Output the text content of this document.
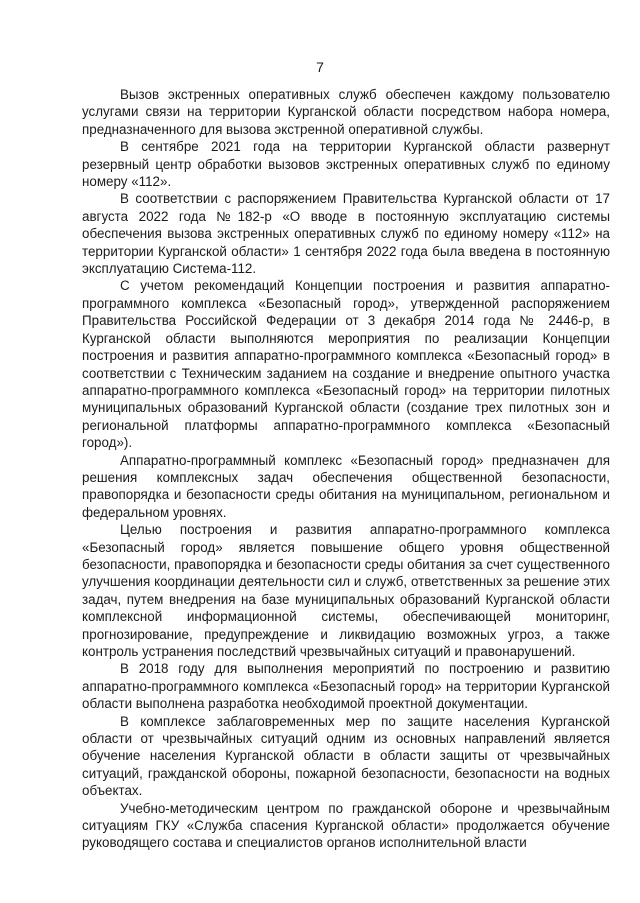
7

Вызов экстренных оперативных служб обеспечен каждому пользователю услугами связи на территории Курганской области посредством набора номера, предназначенного для вызова экстренной оперативной службы.

В сентябре 2021 года на территории Курганской области развернут резервный центр обработки вызовов экстренных оперативных служб по единому номеру «112».

В соответствии с распоряжением Правительства Курганской области от 17 августа 2022 года №182-р «О вводе в постоянную эксплуатацию системы обеспечения вызова экстренных оперативных служб по единому номеру «112» на территории Курганской области» 1 сентября 2022 года была введена в постоянную эксплуатацию Система-112.

С учетом рекомендаций Концепции построения и развития аппаратно-программного комплекса «Безопасный город», утвержденной распоряжением Правительства Российской Федерации от 3 декабря 2014 года № 2446-р, в Курганской области выполняются мероприятия по реализации Концепции построения и развития аппаратно-программного комплекса «Безопасный город» в соответствии с Техническим заданием на создание и внедрение опытного участка аппаратно-программного комплекса «Безопасный город» на территории пилотных муниципальных образований Курганской области (создание трех пилотных зон и региональной платформы аппаратно-программного комплекса «Безопасный город»).

Аппаратно-программный комплекс «Безопасный город» предназначен для решения комплексных задач обеспечения общественной безопасности, правопорядка и безопасности среды обитания на муниципальном, региональном и федеральном уровнях.

Целью построения и развития аппаратно-программного комплекса «Безопасный город» является повышение общего уровня общественной безопасности, правопорядка и безопасности среды обитания за счет существенного улучшения координации деятельности сил и служб, ответственных за решение этих задач, путем внедрения на базе муниципальных образований Курганской области комплексной информационной системы, обеспечивающей мониторинг, прогнозирование, предупреждение и ликвидацию возможных угроз, а также контроль устранения последствий чрезвычайных ситуаций и правонарушений.

В 2018 году для выполнения мероприятий по построению и развитию аппаратно-программного комплекса «Безопасный город» на территории Курганской области выполнена разработка необходимой проектной документации.

В комплексе заблаговременных мер по защите населения Курганской области от чрезвычайных ситуаций одним из основных направлений является обучение населения Курганской области в области защиты от чрезвычайных ситуаций, гражданской обороны, пожарной безопасности, безопасности на водных объектах.

Учебно-методическим центром по гражданской обороне и чрезвычайным ситуациям ГКУ «Служба спасения Курганской области» продолжается обучение руководящего состава и специалистов органов исполнительной власти
